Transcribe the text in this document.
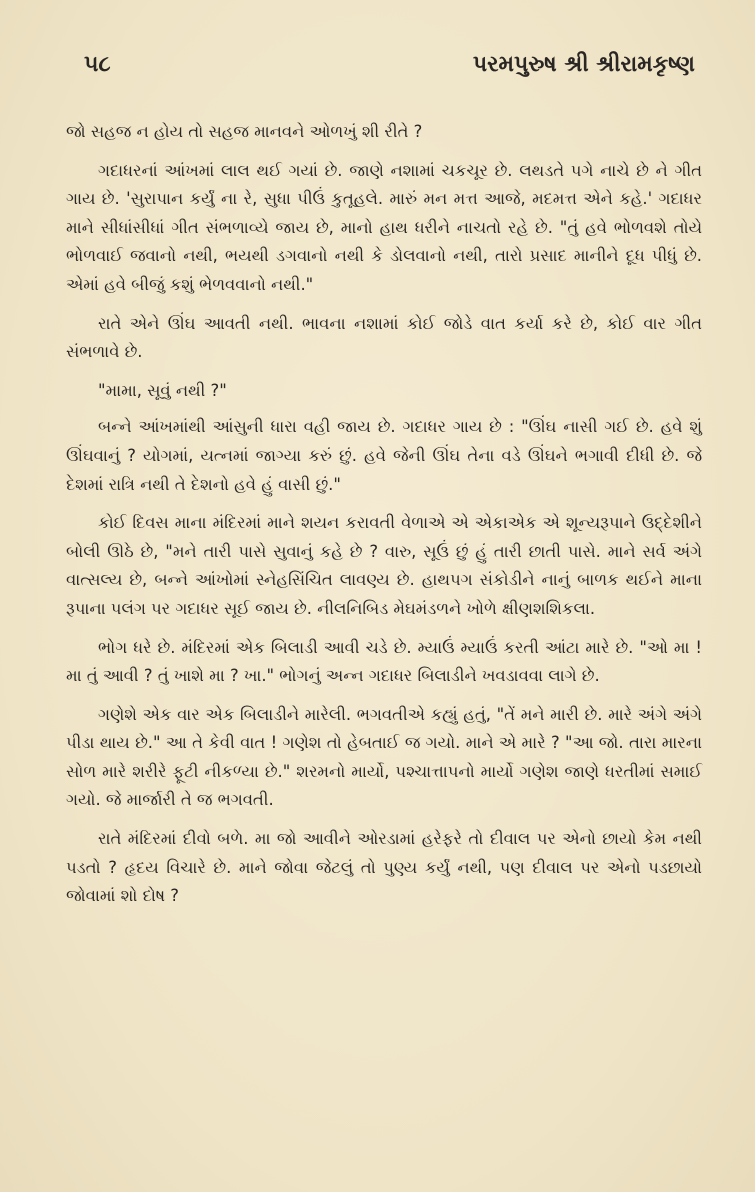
૫૮	પરમપુરુષ શ્રી શ્રીરામકૃષ્ણ

જો સહજ ન હોય તો સહજ માનવને ઓળખું શી રીતે ?

ગદાધરનાં આંખમાં લાલ થઈ ગયાં છે. જાણે નશામાં ચકચૂર છે. લથડતે પગે નાચે છે ને ગીત ગાય છે. 'સુરાપાન કર્યું ના રે, સુધા પીઉં કુતૂહલે. મારું મન મત્ત આજે, મદમત્ત એને કહે.' ગદાધર માને સીધાંસીધાં ગીત સંભળાવ્યે જાય છે, માનો હાથ ધરીને નાચતો રહે છે. "તું હવે ભોળવશે તોયે ભોળવાઈ જવાનો નથી, ભયથી ડગવાનો નથી કે ડોલવાનો નથી, તારો પ્રસાદ માનીને દૂધ પીધું છે. એમાં હવે બીજું કશું ભેળવવાનો નથી."

રાતે એને ઊંઘ આવતી નથી. ભાવના નશામાં કોઈ જોડે વાત કર્યા કરે છે, કોઈ વાર ગીત સંભળાવે છે.

"મામા, સૂવું નથી ?"

બન્ને આંખમાંથી આંસુની ધારા વહી જાય છે. ગદાધર ગાય છે : "ઊંઘ નાસી ગઈ છે. હવે શું ઊંઘવાનું ? યોગમાં, યત્નમાં જાગ્યા કરું છું. હવે જેની ઊંઘ તેના વડે ઊંઘને ભગાવી દીધી છે. જે દેશમાં રાત્રિ નથી તે દેશનો હવે હું વાસી છું."

કોઈ દિવસ માના મંદિરમાં માને શયન કરાવતી વેળાએ એ એકાએક એ શૂન્યરૂપાને ઉદ્દેશીને બોલી ઊઠે છે, "મને તારી પાસે સુવાનું કહે છે ? વારુ, સૂઉં છું હું તારી છાતી પાસે. માને સર્વ અંગે વાત્સલ્ય છે, બન્ને આંખોમાં સ્નેહસિંચિત લાવણ્ય છે. હાથપગ સંકોડીને નાનું બાળક થઈને માના રૂપાના પલંગ પર ગદાધર સૂઈ જાય છે. નીલનિબિડ મેઘમંડળને ખોળે ક્ષીણશશિકલા.

ભોગ ધરે છે. મંદિરમાં એક બિલાડી આવી ચડે છે. મ્યાઉં મ્યાઉં કરતી આંટા મારે છે. "ઓ મા ! મા તું આવી ? તું ખાશે મા ? ખા." ભોગનું અન્ન ગદાધર બિલાડીને ખવડાવવા લાગે છે.

ગણેશે એક વાર એક બિલાડીને મારેલી. ભગવતીએ કહ્યું હતું, "તેં મને મારી છે. મારે અંગે અંગે પીડા થાય છે." આ તે કેવી વાત ! ગણેશ તો હેબતાઈ જ ગયો. માને એ મારે ? "આ જો. તારા મારના સોળ મારે શરીરે ફૂટી નીકળ્યા છે." શરમનો માર્યો, પશ્ચાત્તાપનો માર્યો ગણેશ જાણે ધરતીમાં સમાઈ ગયો. જે માર્જારી તે જ ભગવતી.

રાતે મંદિરમાં દીવો બળે. મા જો આવીને ઓરડામાં હરેફરે તો દીવાલ પર એનો છાયો કેમ નથી પડતો ? હૃદય વિચારે છે. માને જોવા જેટલું તો પુણ્ય કર્યું નથી, પણ દીવાલ પર એનો પડછાયો જોવામાં શો દોષ ?
